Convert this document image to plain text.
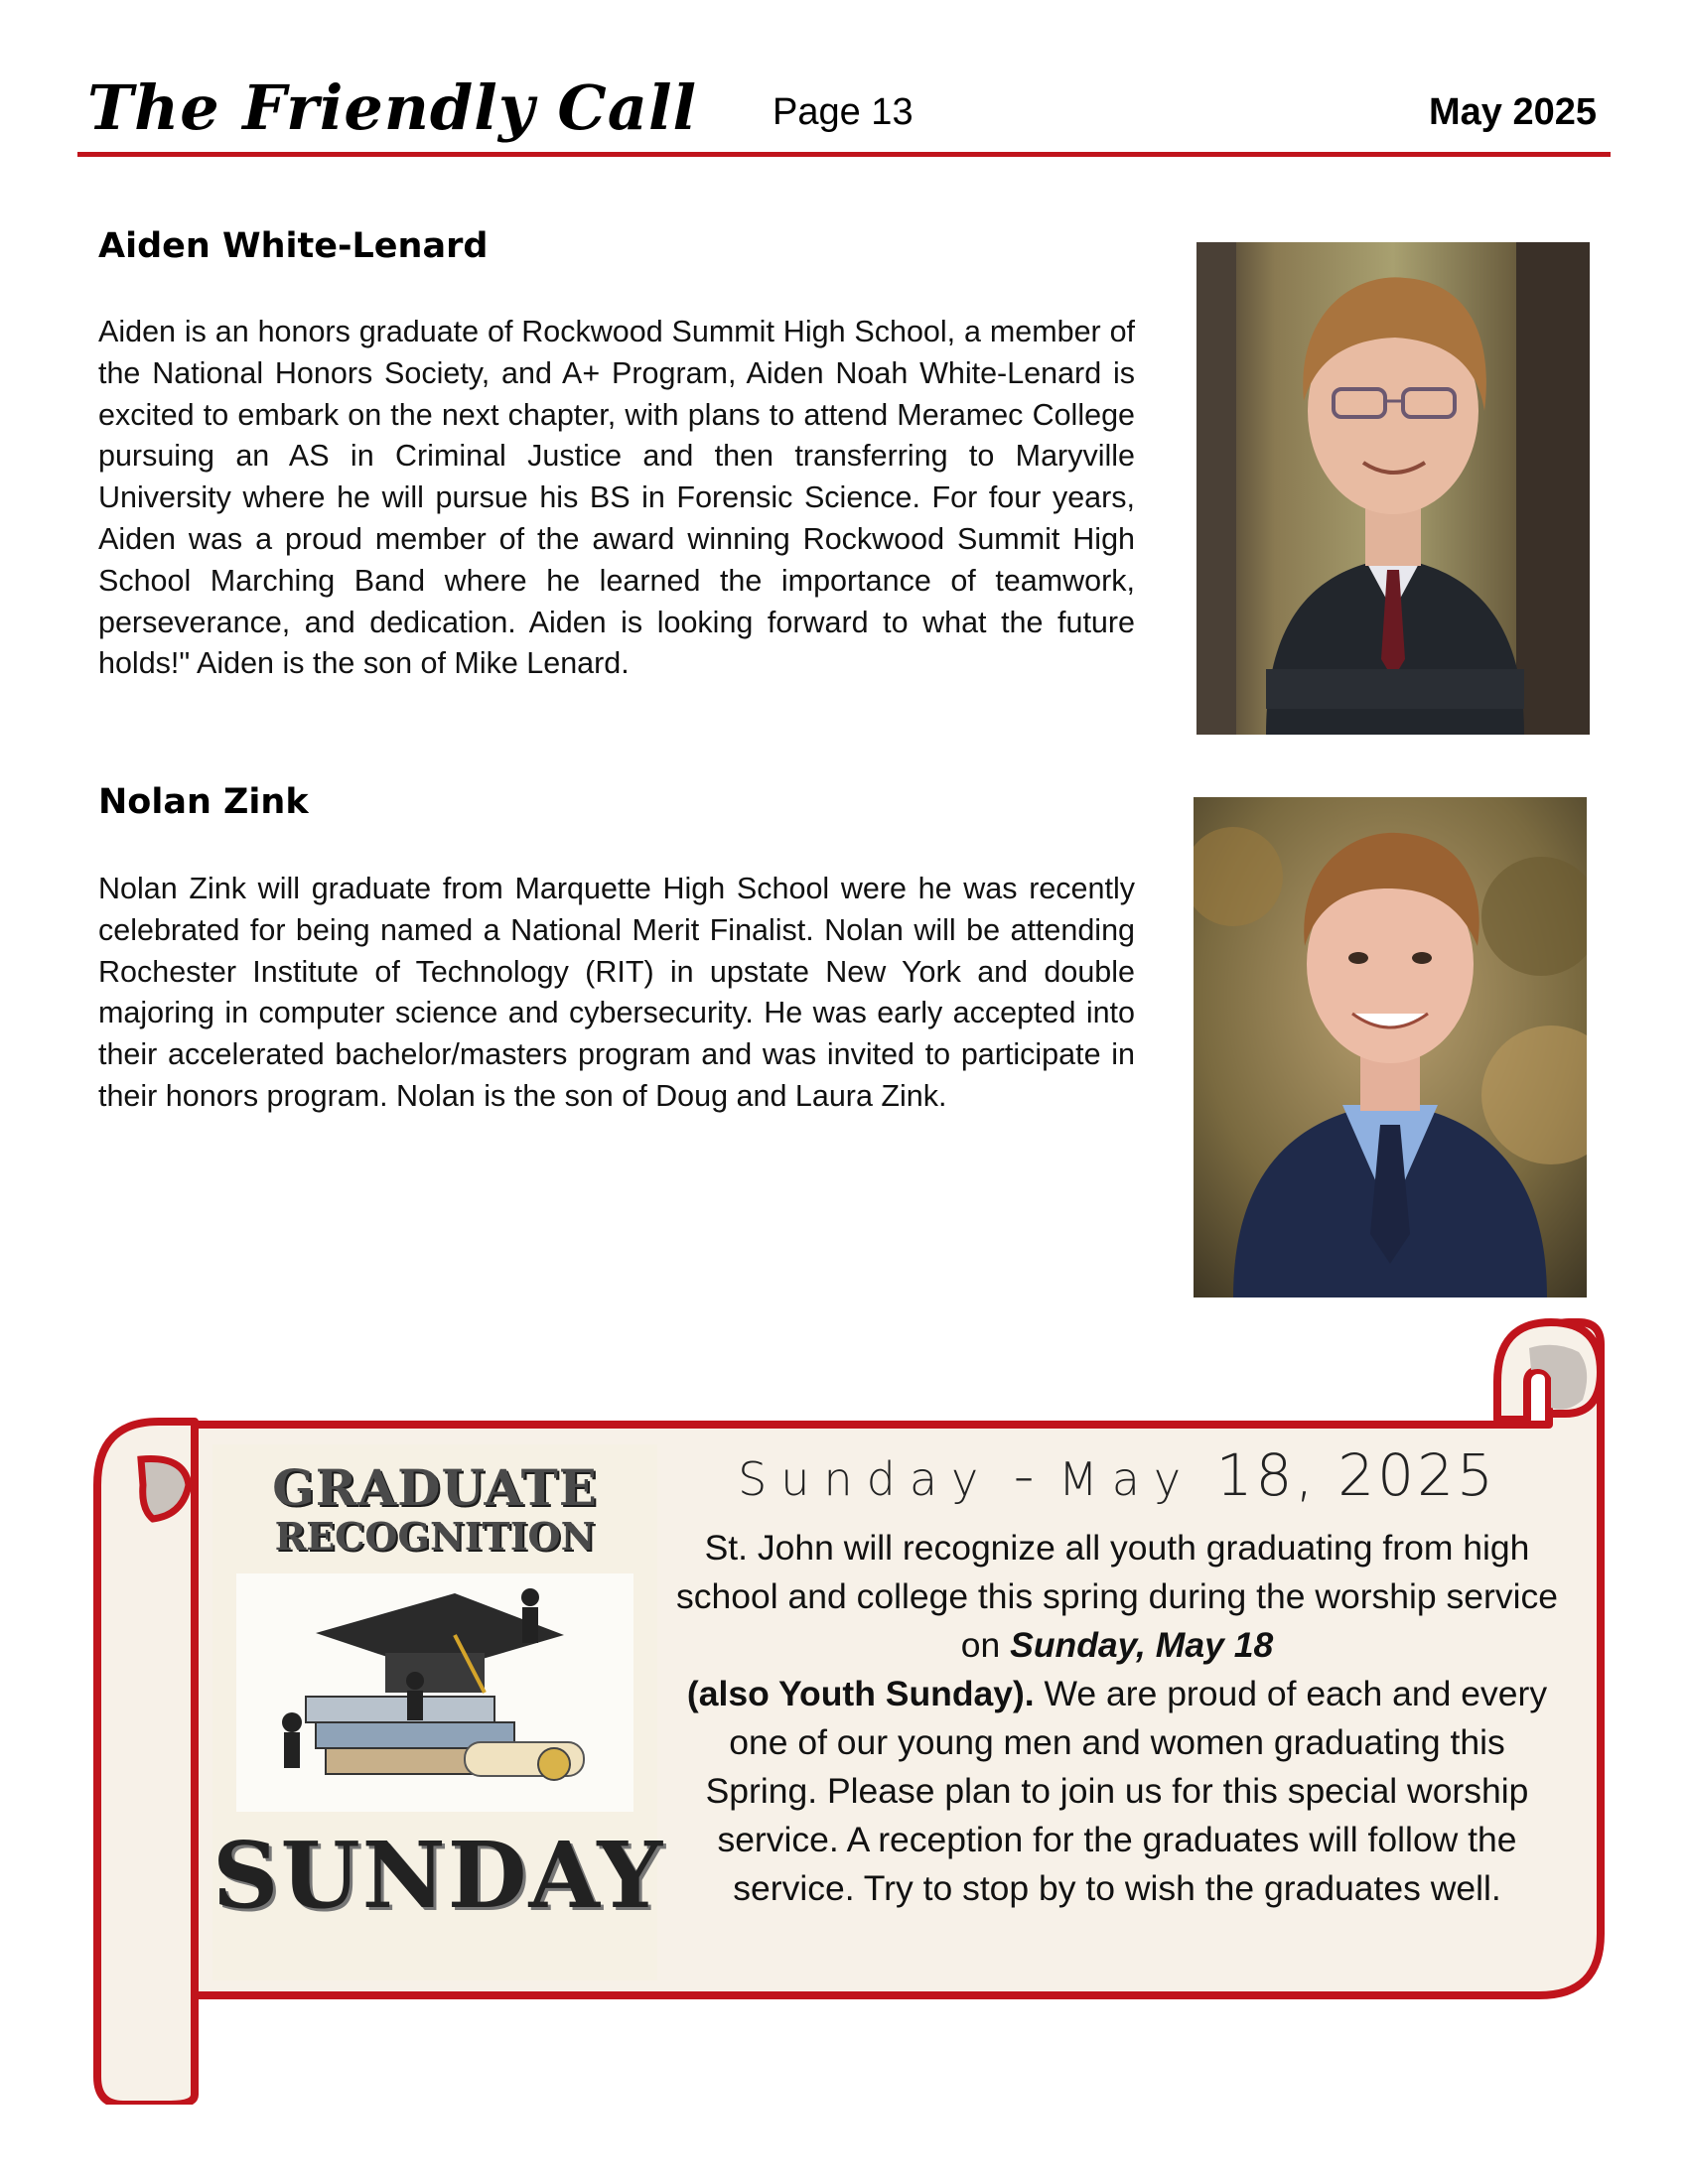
The Friendly Call Page 13	May 2025
Aiden White-Lenard
Aiden is an honors graduate of Rockwood Summit High School, a member of the National Honors Society, and A+ Program, Aiden Noah White-Lenard is excited to embark on the next chapter, with plans to attend Meramec College pursuing an AS in Criminal Justice and then transferring to Maryville University where he will pursue his BS in Forensic Science. For four years, Aiden was a proud member of the award winning Rockwood Summit High School Marching Band where he learned the importance of teamwork, perseverance, and dedication. Aiden is looking forward to what the future holds!" Aiden is the son of Mike Lenard.
Nolan Zink
Nolan Zink will graduate from Marquette High School were he was recently celebrated for being named a National Merit Finalist. Nolan will be attending Rochester Institute of Technology (RIT) in upstate New York and double majoring in computer science and cybersecurity. He was early accepted into their accelerated bachelor/masters program and was invited to participate in their honors program. Nolan is the son of Doug and Laura Zink.
GRADUATE
RECOGNITION
SUNDAY
Sunday - May 18, 2025
St. John will recognize all youth graduating from high school and college this spring during the worship service on Sunday, May 18
(also Youth Sunday). We are proud of each and every one of our young men and women graduating this Spring. Please plan to join us for this special worship service. A reception for the graduates will follow the service. Try to stop by to wish the graduates well.
